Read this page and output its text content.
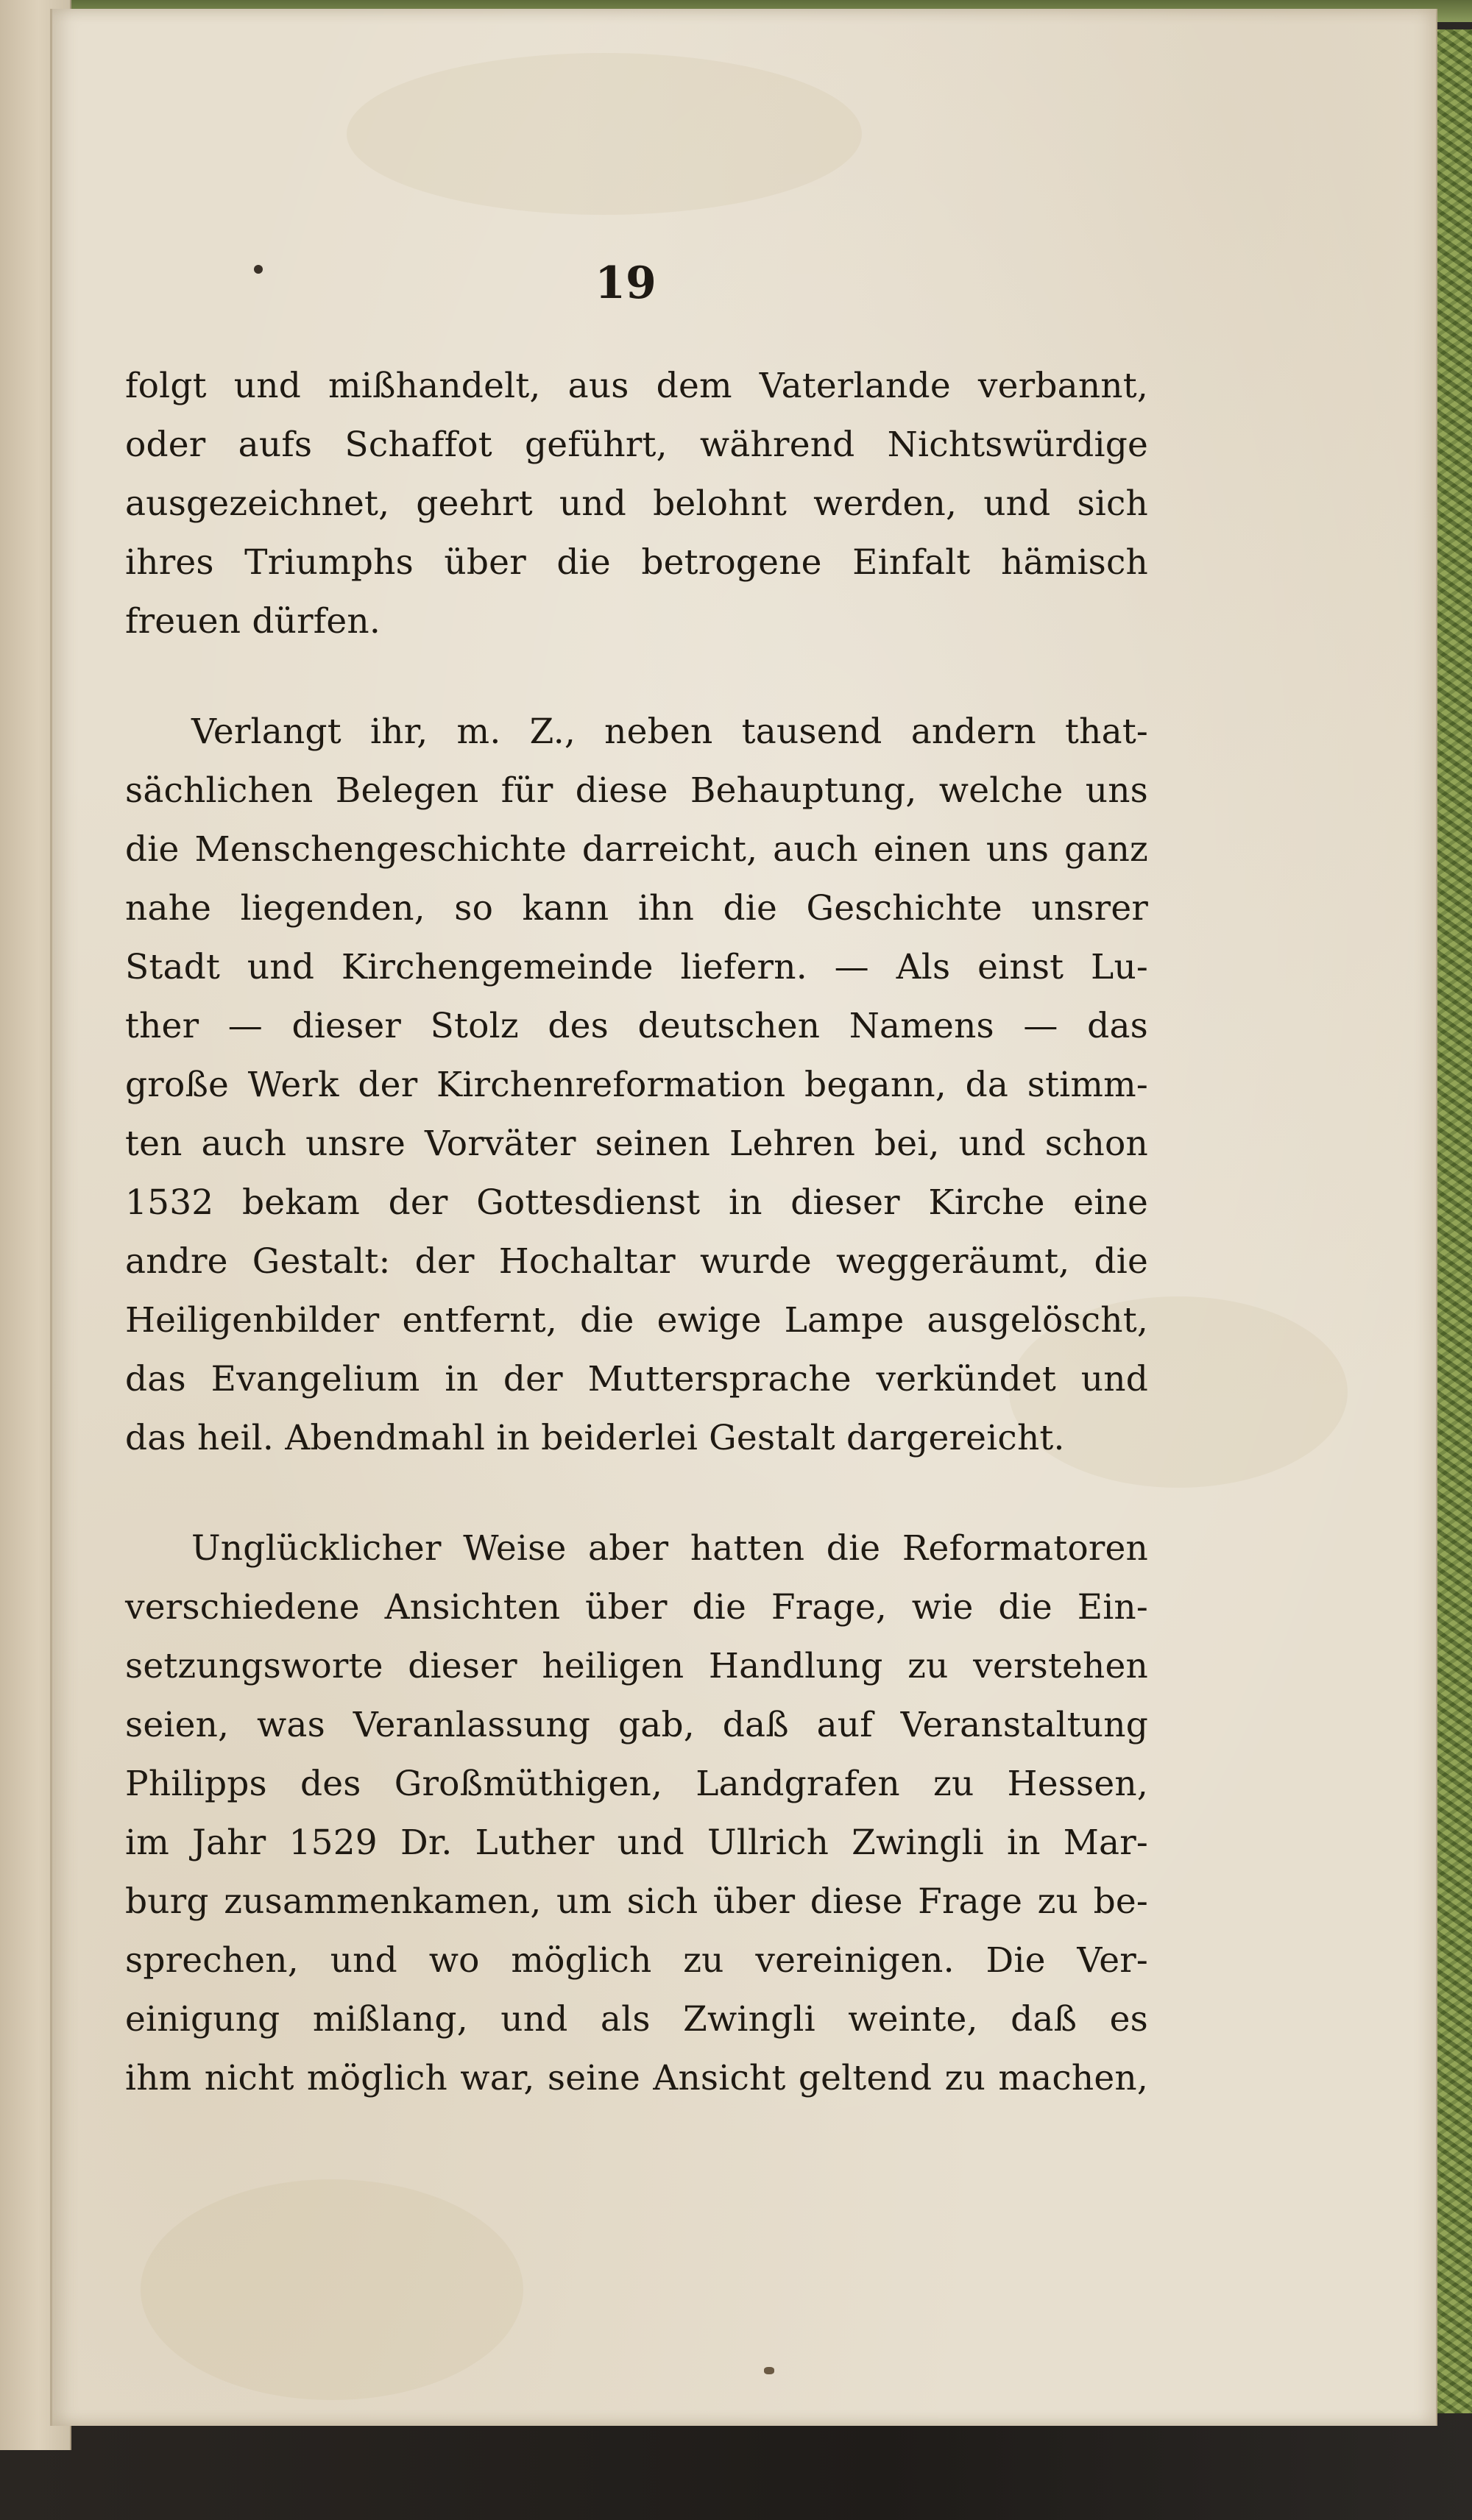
19
folgt und mißhandelt, aus dem Vaterlande verbannt,
oder aufs Schaffot geführt, während Nichtswürdige
ausgezeichnet, geehrt und belohnt werden, und sich
ihres Triumphs über die betrogene Einfalt hämisch
freuen dürfen.
Verlangt ihr, m. Z., neben tausend andern that-
sächlichen Belegen für diese Behauptung, welche uns
die Menschengeschichte darreicht, auch einen uns ganz
nahe liegenden, so kann ihn die Geschichte unsrer
Stadt und Kirchengemeinde liefern. — Als einst Lu-
ther — dieser Stolz des deutschen Namens — das
große Werk der Kirchenreformation begann, da stimm-
ten auch unsre Vorväter seinen Lehren bei, und schon
1532 bekam der Gottesdienst in dieser Kirche eine
andre Gestalt: der Hochaltar wurde weggeräumt, die
Heiligenbilder entfernt, die ewige Lampe ausgelöscht,
das Evangelium in der Muttersprache verkündet und
das heil. Abendmahl in beiderlei Gestalt dargereicht.
Unglücklicher Weise aber hatten die Reformatoren
verschiedene Ansichten über die Frage, wie die Ein-
setzungsworte dieser heiligen Handlung zu verstehen
seien, was Veranlassung gab, daß auf Veranstaltung
Philipps des Großmüthigen, Landgrafen zu Hessen,
im Jahr 1529 Dr. Luther und Ullrich Zwingli in Mar-
burg zusammenkamen, um sich über diese Frage zu be-
sprechen, und wo möglich zu vereinigen. Die Ver-
einigung mißlang, und als Zwingli weinte, daß es
ihm nicht möglich war, seine Ansicht geltend zu machen,
